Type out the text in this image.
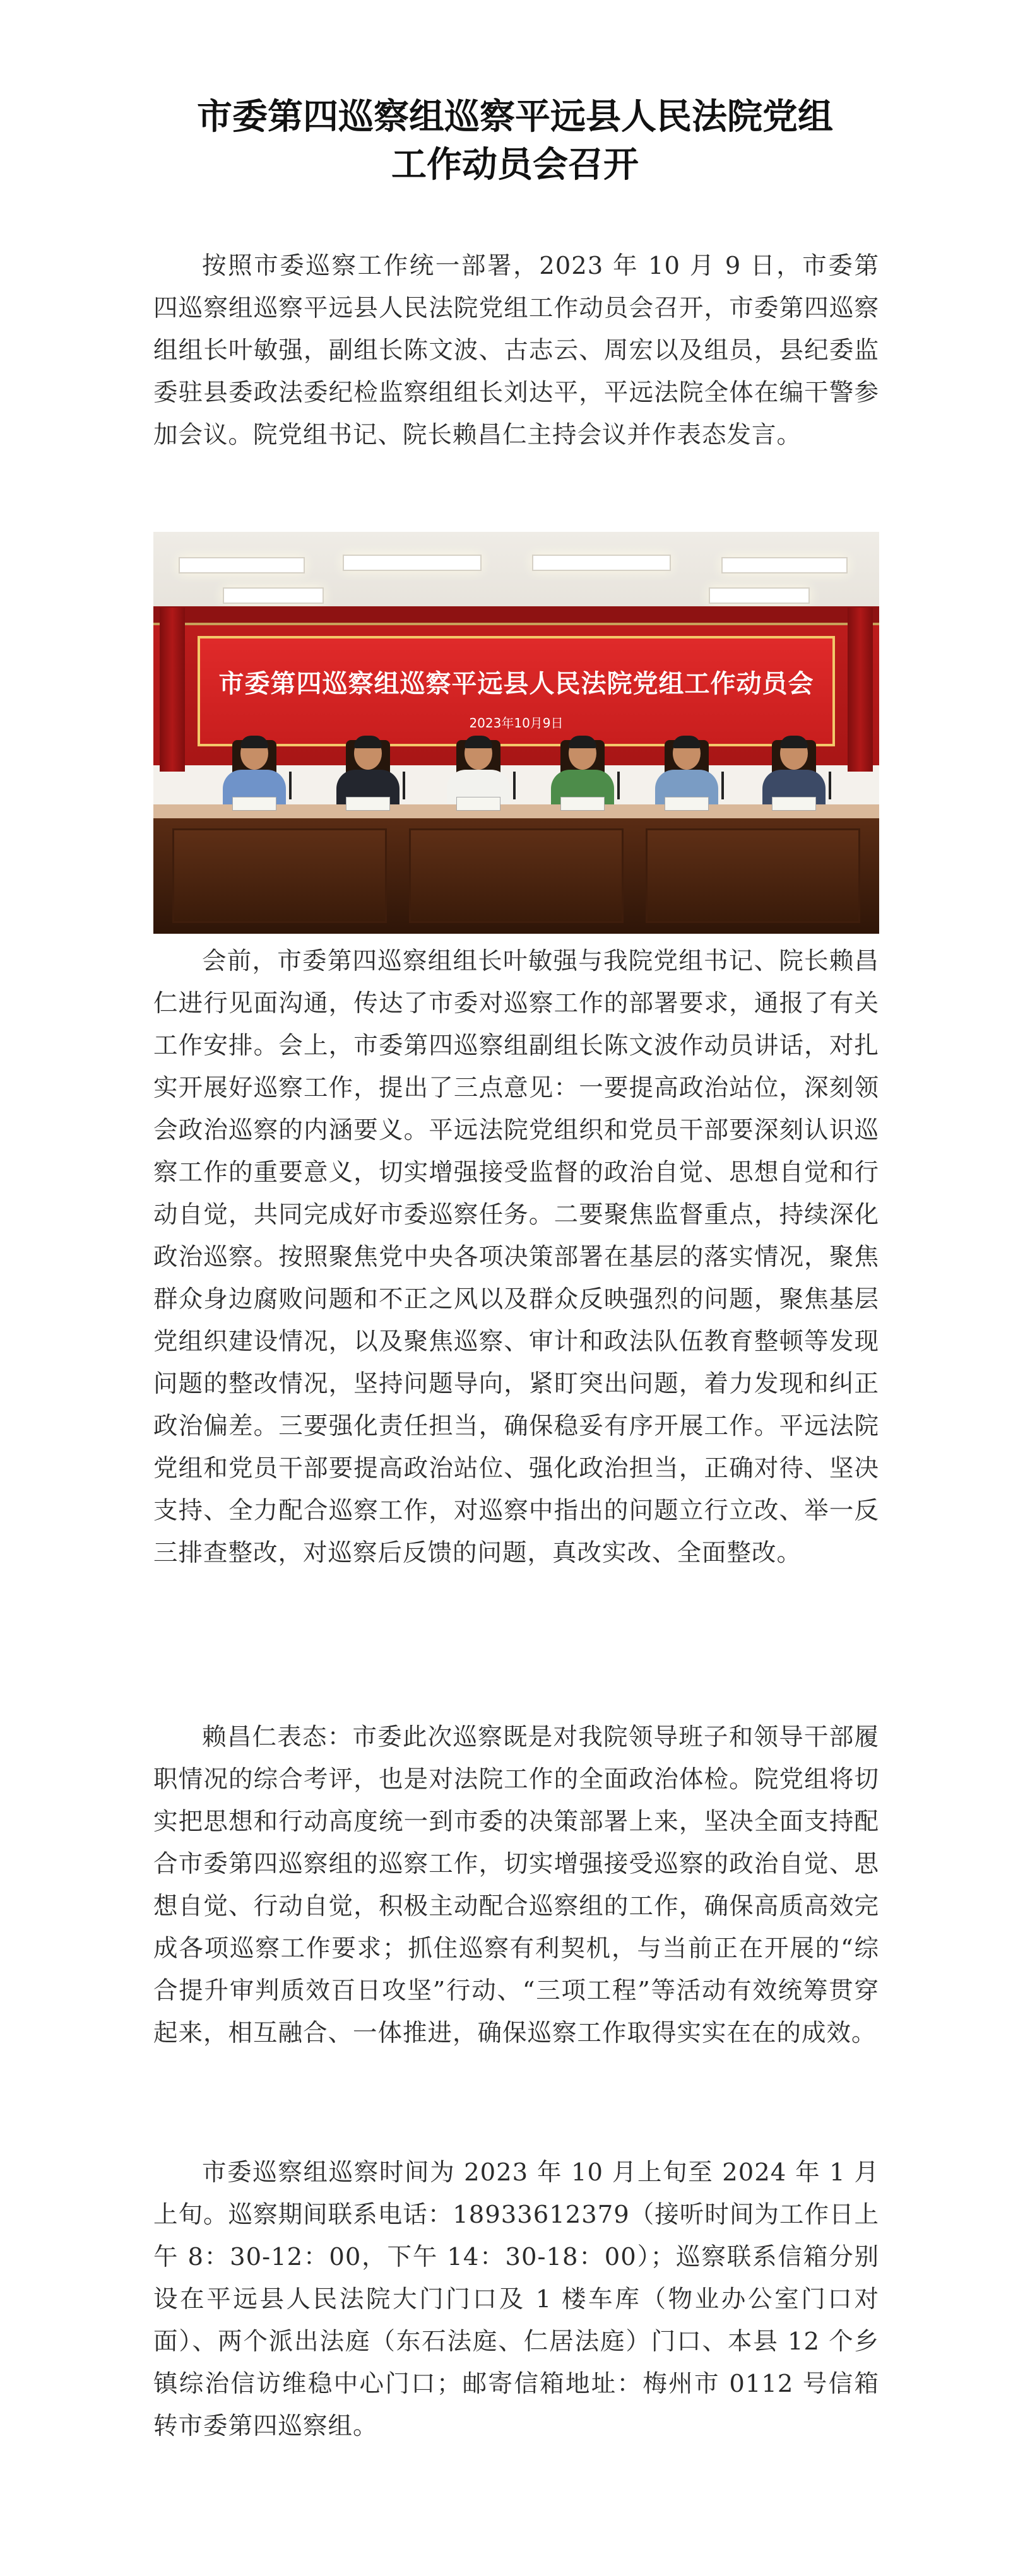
市委第四巡察组巡察平远县人民法院党组
工作动员会召开

按照市委巡察工作统一部署，2023 年 10 月 9 日，市委第四巡察组巡察平远县人民法院党组工作动员会召开，市委第四巡察组组长叶敏强，副组长陈文波、古志云、周宏以及组员，县纪委监委驻县委政法委纪检监察组组长刘达平，平远法院全体在编干警参加会议。院党组书记、院长赖昌仁主持会议并作表态发言。

市委第四巡察组巡察平远县人民法院党组工作动员会
2023年10月9日

会前，市委第四巡察组组长叶敏强与我院党组书记、院长赖昌仁进行见面沟通，传达了市委对巡察工作的部署要求，通报了有关工作安排。会上，市委第四巡察组副组长陈文波作动员讲话，对扎实开展好巡察工作，提出了三点意见：一要提高政治站位，深刻领会政治巡察的内涵要义。平远法院党组织和党员干部要深刻认识巡察工作的重要意义，切实增强接受监督的政治自觉、思想自觉和行动自觉，共同完成好市委巡察任务。二要聚焦监督重点，持续深化政治巡察。按照聚焦党中央各项决策部署在基层的落实情况，聚焦群众身边腐败问题和不正之风以及群众反映强烈的问题，聚焦基层党组织建设情况，以及聚焦巡察、审计和政法队伍教育整顿等发现问题的整改情况，坚持问题导向，紧盯突出问题，着力发现和纠正政治偏差。三要强化责任担当，确保稳妥有序开展工作。平远法院党组和党员干部要提高政治站位、强化政治担当，正确对待、坚决支持、全力配合巡察工作，对巡察中指出的问题立行立改、举一反三排查整改，对巡察后反馈的问题，真改实改、全面整改。

赖昌仁表态：市委此次巡察既是对我院领导班子和领导干部履职情况的综合考评，也是对法院工作的全面政治体检。院党组将切实把思想和行动高度统一到市委的决策部署上来，坚决全面支持配合市委第四巡察组的巡察工作，切实增强接受巡察的政治自觉、思想自觉、行动自觉，积极主动配合巡察组的工作，确保高质高效完成各项巡察工作要求；抓住巡察有利契机，与当前正在开展的“综合提升审判质效百日攻坚”行动、“三项工程”等活动有效统筹贯穿起来，相互融合、一体推进，确保巡察工作取得实实在在的成效。

市委巡察组巡察时间为 2023 年 10 月上旬至 2024 年 1 月上旬。巡察期间联系电话：18933612379（接听时间为工作日上午 8：30-12：00，下午 14：30-18：00）；巡察联系信箱分别设在平远县人民法院大门门口及 1 楼车库（物业办公室门口对面）、两个派出法庭（东石法庭、仁居法庭）门口、本县 12 个乡镇综治信访维稳中心门口；邮寄信箱地址：梅州市 0112 号信箱转市委第四巡察组。
